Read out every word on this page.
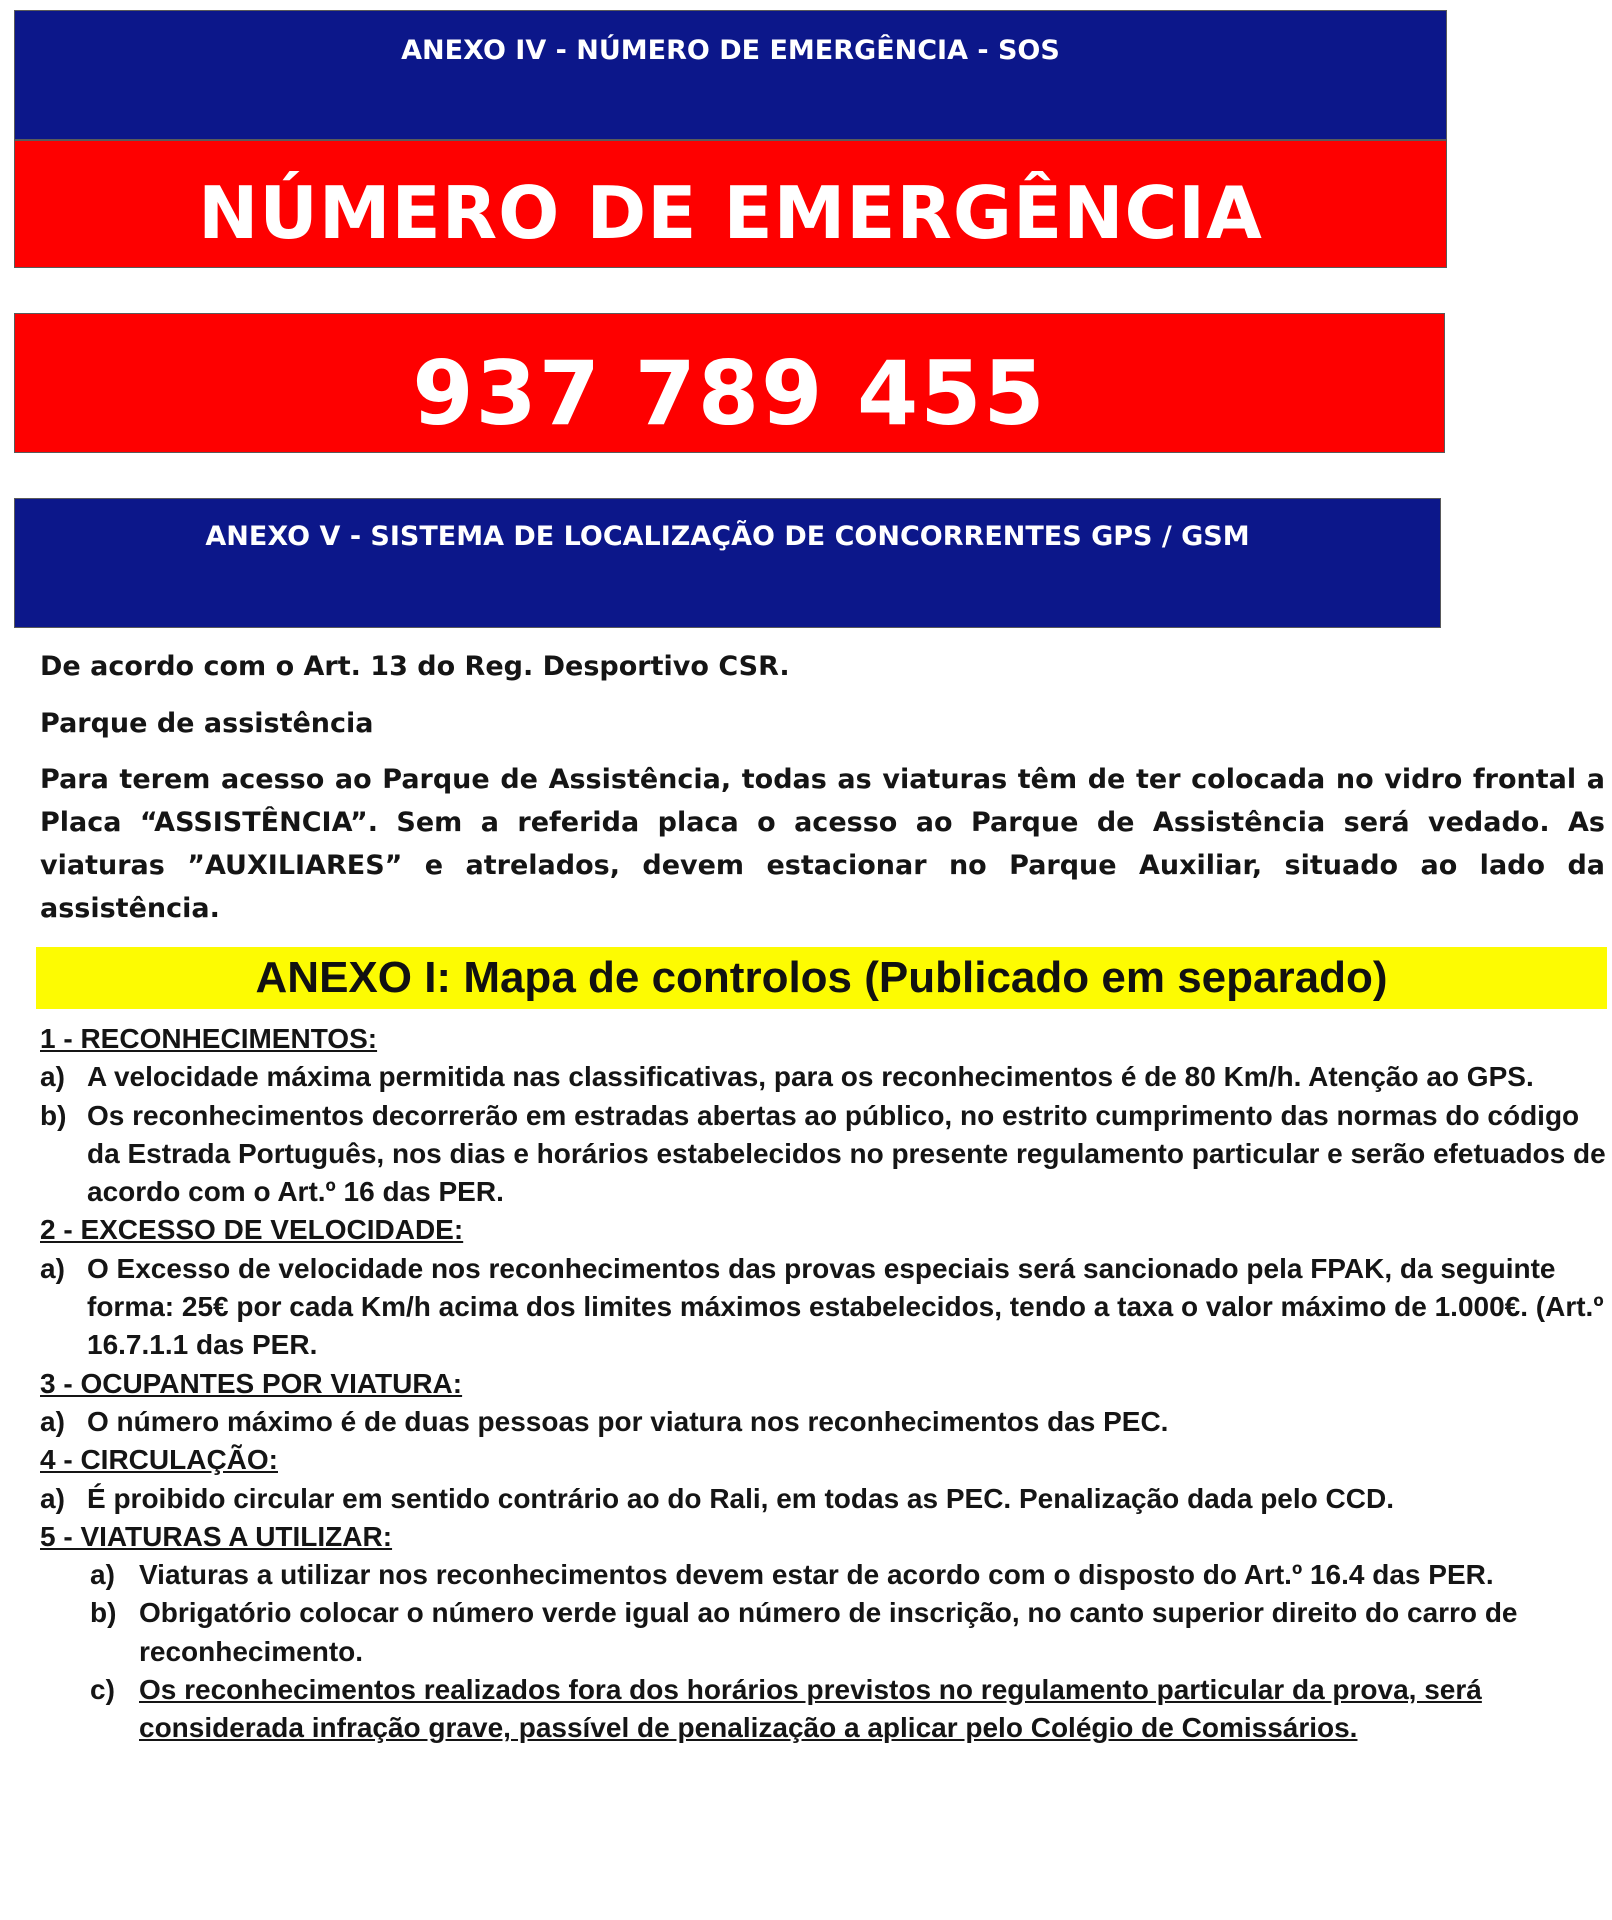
ANEXO IV - NÚMERO DE EMERGÊNCIA - SOS
NÚMERO DE EMERGÊNCIA
937 789 455
ANEXO V - SISTEMA DE LOCALIZAÇÃO DE CONCORRENTES GPS / GSM

De acordo com o Art. 13 do Reg. Desportivo CSR.

Parque de assistência

Para terem acesso ao Parque de Assistência, todas as viaturas têm de ter colocada no vidro frontal a Placa “ASSISTÊNCIA”. Sem a referida placa o acesso ao Parque de Assistência será vedado. As viaturas ”AUXILIARES” e atrelados, devem estacionar no Parque Auxiliar, situado ao lado da assistência.

ANEXO I: Mapa de controlos (Publicado em separado)
1 - RECONHECIMENTOS:
a) A velocidade máxima permitida nas classificativas, para os reconhecimentos é de 80 Km/h. Atenção ao GPS.
b) Os reconhecimentos decorrerão em estradas abertas ao público, no estrito cumprimento das normas do código da Estrada Português, nos dias e horários estabelecidos no presente regulamento particular e serão efetuados de acordo com o Art.º 16 das PER.
2 - EXCESSO DE VELOCIDADE:
a) O Excesso de velocidade nos reconhecimentos das provas especiais será sancionado pela FPAK, da seguinte forma: 25€ por cada Km/h acima dos limites máximos estabelecidos, tendo a taxa o valor máximo de 1.000€. (Art.º 16.7.1.1 das PER.
3 - OCUPANTES POR VIATURA:
a) O número máximo é de duas pessoas por viatura nos reconhecimentos das PEC.
4 - CIRCULAÇÃO:
a) É proibido circular em sentido contrário ao do Rali, em todas as PEC. Penalização dada pelo CCD.
5 - VIATURAS A UTILIZAR:
a) Viaturas a utilizar nos reconhecimentos devem estar de acordo com o disposto do Art.º 16.4 das PER.
b) Obrigatório colocar o número verde igual ao número de inscrição, no canto superior direito do carro de reconhecimento.
c) Os reconhecimentos realizados fora dos horários previstos no regulamento particular da prova, será considerada infração grave, passível de penalização a aplicar pelo Colégio de Comissários.
